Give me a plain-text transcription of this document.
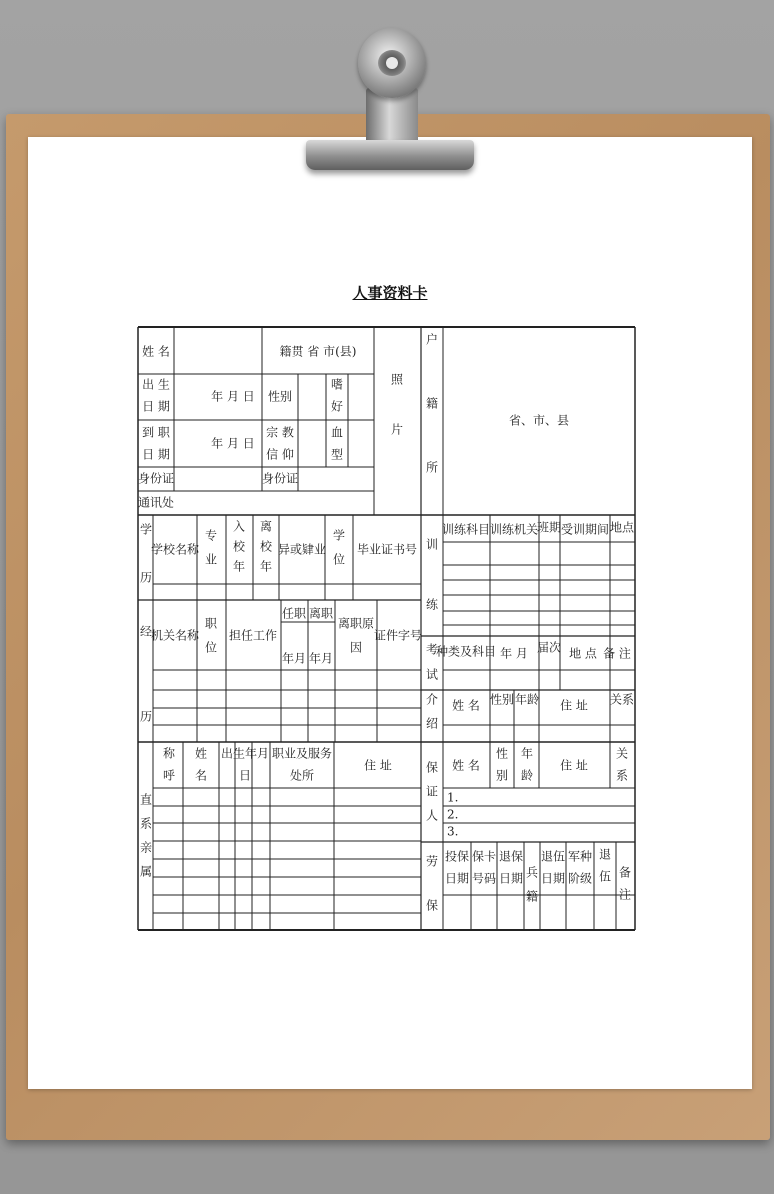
人事资料卡
姓 名	籍贯 省 市(县)
出 生
日 期
年 月 日 性别
嗜
好
到 职
日 期
年 月 日
宗 教
信 仰
血
型
身份证	身份证
通讯处
照
片
户
籍
所
省、市、县
学
历
学校名称
专
业
入
校
年
离
校
年
异或肄业
学
位
毕业证书号
经
历
机关名称
职
位
担任工作
任职 离职
年月 年月
离职原
因
证件字号
直
系
亲
属
称
呼
姓
名
出生年月
日
职业及服务
处所
住 址
训
练
训练科目 训练机关
班期 受训期间 地点
考
试
种类及科目 年 月 届次 地 点 备 注
介
绍
姓 名 性别 年龄 住 址 关系
保
证
人
姓 名
性
别
年
龄
住 址
关
系
1.
2.
3.
劳
保
投保
日期
保卡
号码
退保
日期 兵
籍
退伍
日期
军种
阶级
退
伍 备
注
